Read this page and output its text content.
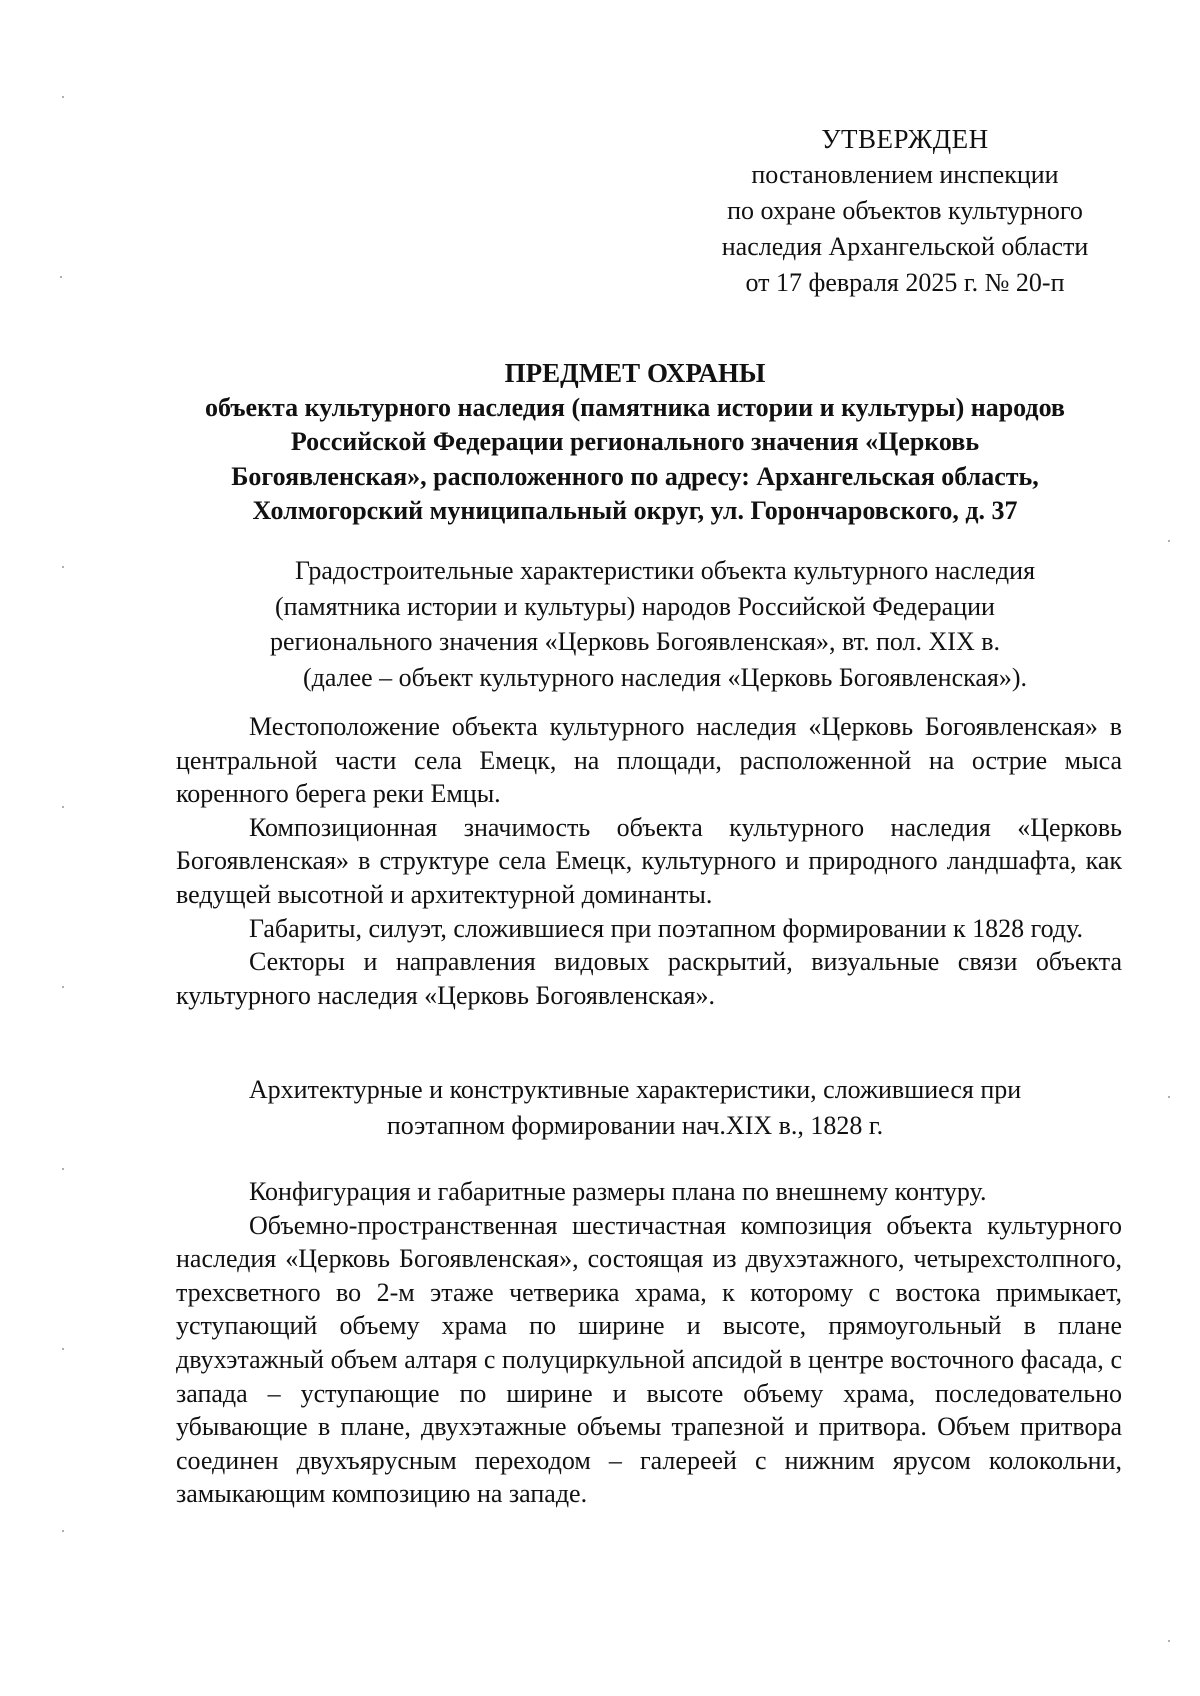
УТВЕРЖДЕН
постановлением инспекции
по охране объектов культурного
наследия Архангельской области
от 17 февраля 2025 г. № 20-п
ПРЕДМЕТ ОХРАНЫ
объекта культурного наследия (памятника истории и культуры) народов
Российской Федерации регионального значения «Церковь
Богоявленская», расположенного по адресу: Архангельская область,
Холмогорский муниципальный округ, ул. Горончаровского, д. 37
Градостроительные характеристики объекта культурного наследия
(памятника истории и культуры) народов Российской Федерации
регионального значения «Церковь Богоявленская», вт. пол. XIX в.
(далее – объект культурного наследия «Церковь Богоявленская»).

Местоположение объекта культурного наследия «Церковь Богоявленская» в центральной части села Емецк, на площади, расположенной на острие мыса коренного берега реки Емцы.

Композиционная значимость объекта культурного наследия «Церковь Богоявленская» в структуре села Емецк, культурного и природного ландшафта, как ведущей высотной и архитектурной доминанты.

Габариты, силуэт, сложившиеся при поэтапном формировании к 1828 году.

Секторы и направления видовых раскрытий, визуальные связи объекта культурного наследия «Церковь Богоявленская».

Архитектурные и конструктивные характеристики, сложившиеся при
поэтапном формировании нач.XIX в., 1828 г.

Конфигурация и габаритные размеры плана по внешнему контуру.

Объемно-пространственная шестичастная композиция объекта культурного наследия «Церковь Богоявленская», состоящая из двухэтажного, четырехстолпного, трехсветного во 2-м этаже четверика храма, к которому с востока примыкает, уступающий объему храма по ширине и высоте, прямоугольный в плане двухэтажный объем алтаря с полуциркульной апсидой в центре восточного фасада, с запада – уступающие по ширине и высоте объему храма, последовательно убывающие в плане, двухэтажные объемы трапезной и притвора. Объем притвора соединен двухъярусным переходом – галереей с нижним ярусом колокольни, замыкающим композицию на западе.
